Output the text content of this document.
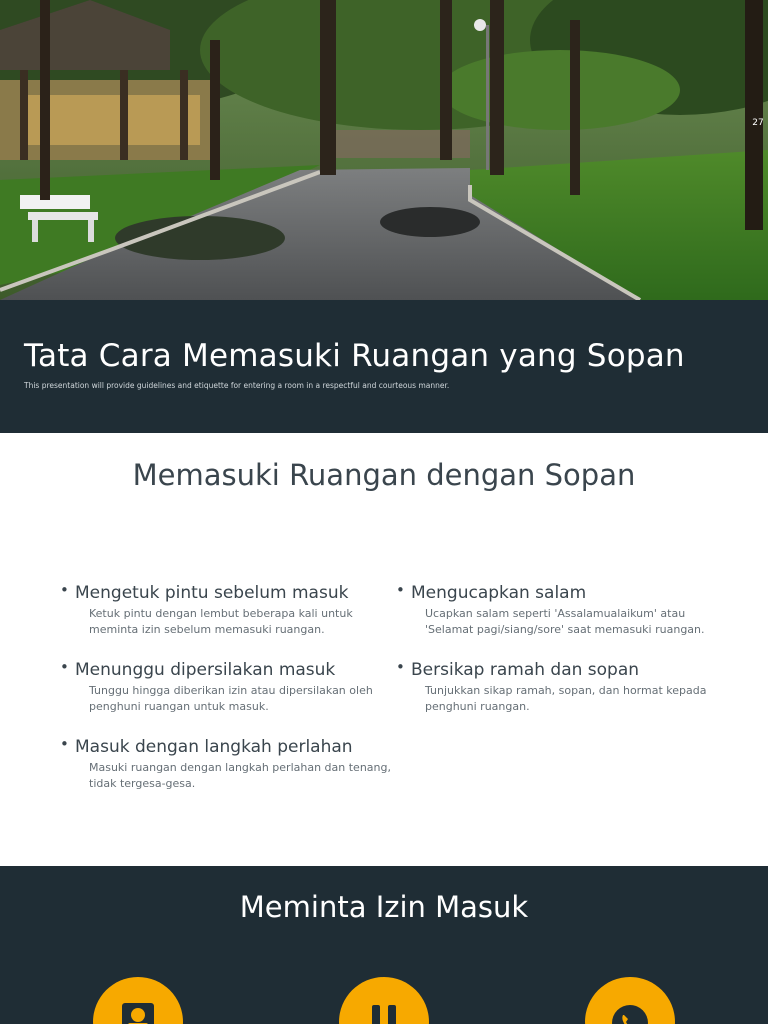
27
Tata Cara Memasuki Ruangan yang Sopan

This presentation will provide guidelines and etiquette for entering a room in a respectful and courteous manner.

Memasuki Ruangan dengan Sopan
• Mengetuk pintu sebelum masuk
Ketuk pintu dengan lembut beberapa kali untuk meminta izin sebelum memasuki ruangan.
• Menunggu dipersilakan masuk
Tunggu hingga diberikan izin atau dipersilakan oleh penghuni ruangan untuk masuk.
• Masuk dengan langkah perlahan
Masuki ruangan dengan langkah perlahan dan tenang, tidak tergesa-gesa.
• Mengucapkan salam
Ucapkan salam seperti 'Assalamualaikum' atau 'Selamat pagi/siang/sore' saat memasuki ruangan.
• Bersikap ramah dan sopan
Tunjukkan sikap ramah, sopan, dan hormat kepada penghuni ruangan.
Meminta Izin Masuk
